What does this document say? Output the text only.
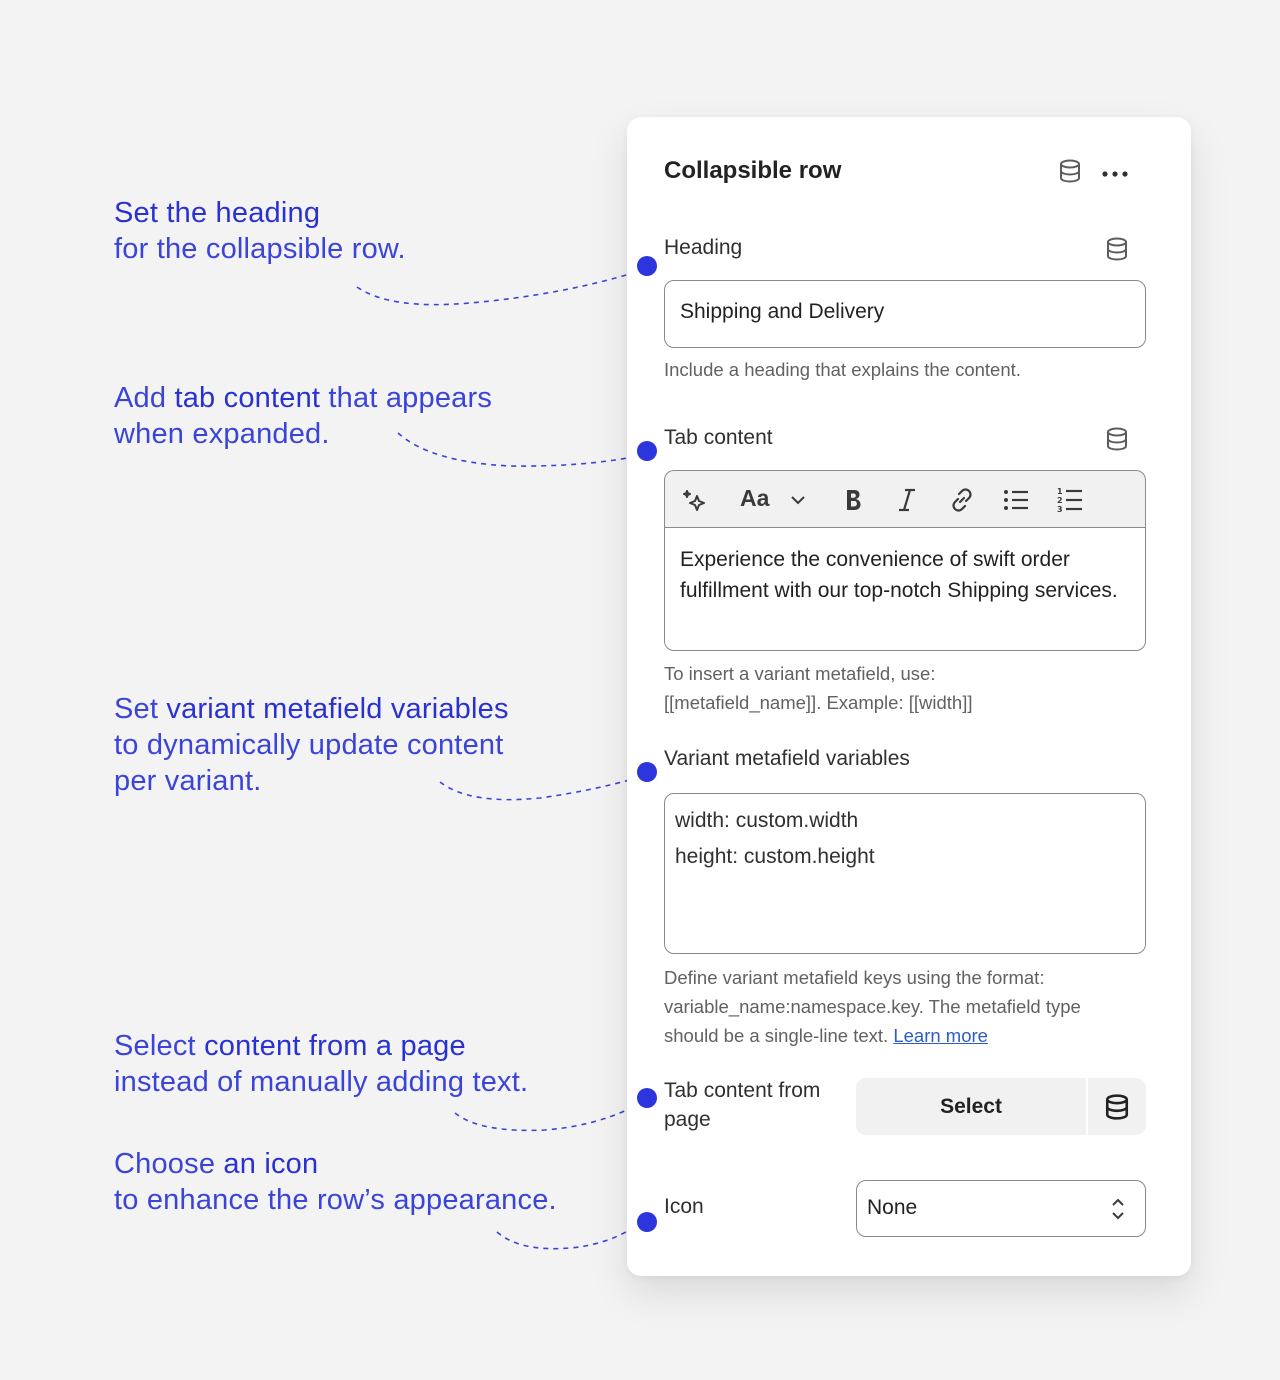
Set the heading
for the collapsible row.
Add tab content that appears
when expanded.
Set variant metafield variables
to dynamically update content
per variant.
Select content from a page
instead of manually adding text.
Choose an icon
to enhance the row’s appearance.
Collapsible row
Heading
Shipping and Delivery
Include a heading that explains the content.
Tab content
Aa	1
2
3
Experience the convenience of swift order fulfillment with our top-notch Shipping services.
To insert a variant metafield, use:
[[metafield_name]]. Example: [[width]]
Variant metafield variables
width: custom.width
height: custom.height
Define variant metafield keys using the format:
variable_name:namespace.key. The metafield type
should be a single-line text. Learn more
Tab content from
page
Select
Icon	None
